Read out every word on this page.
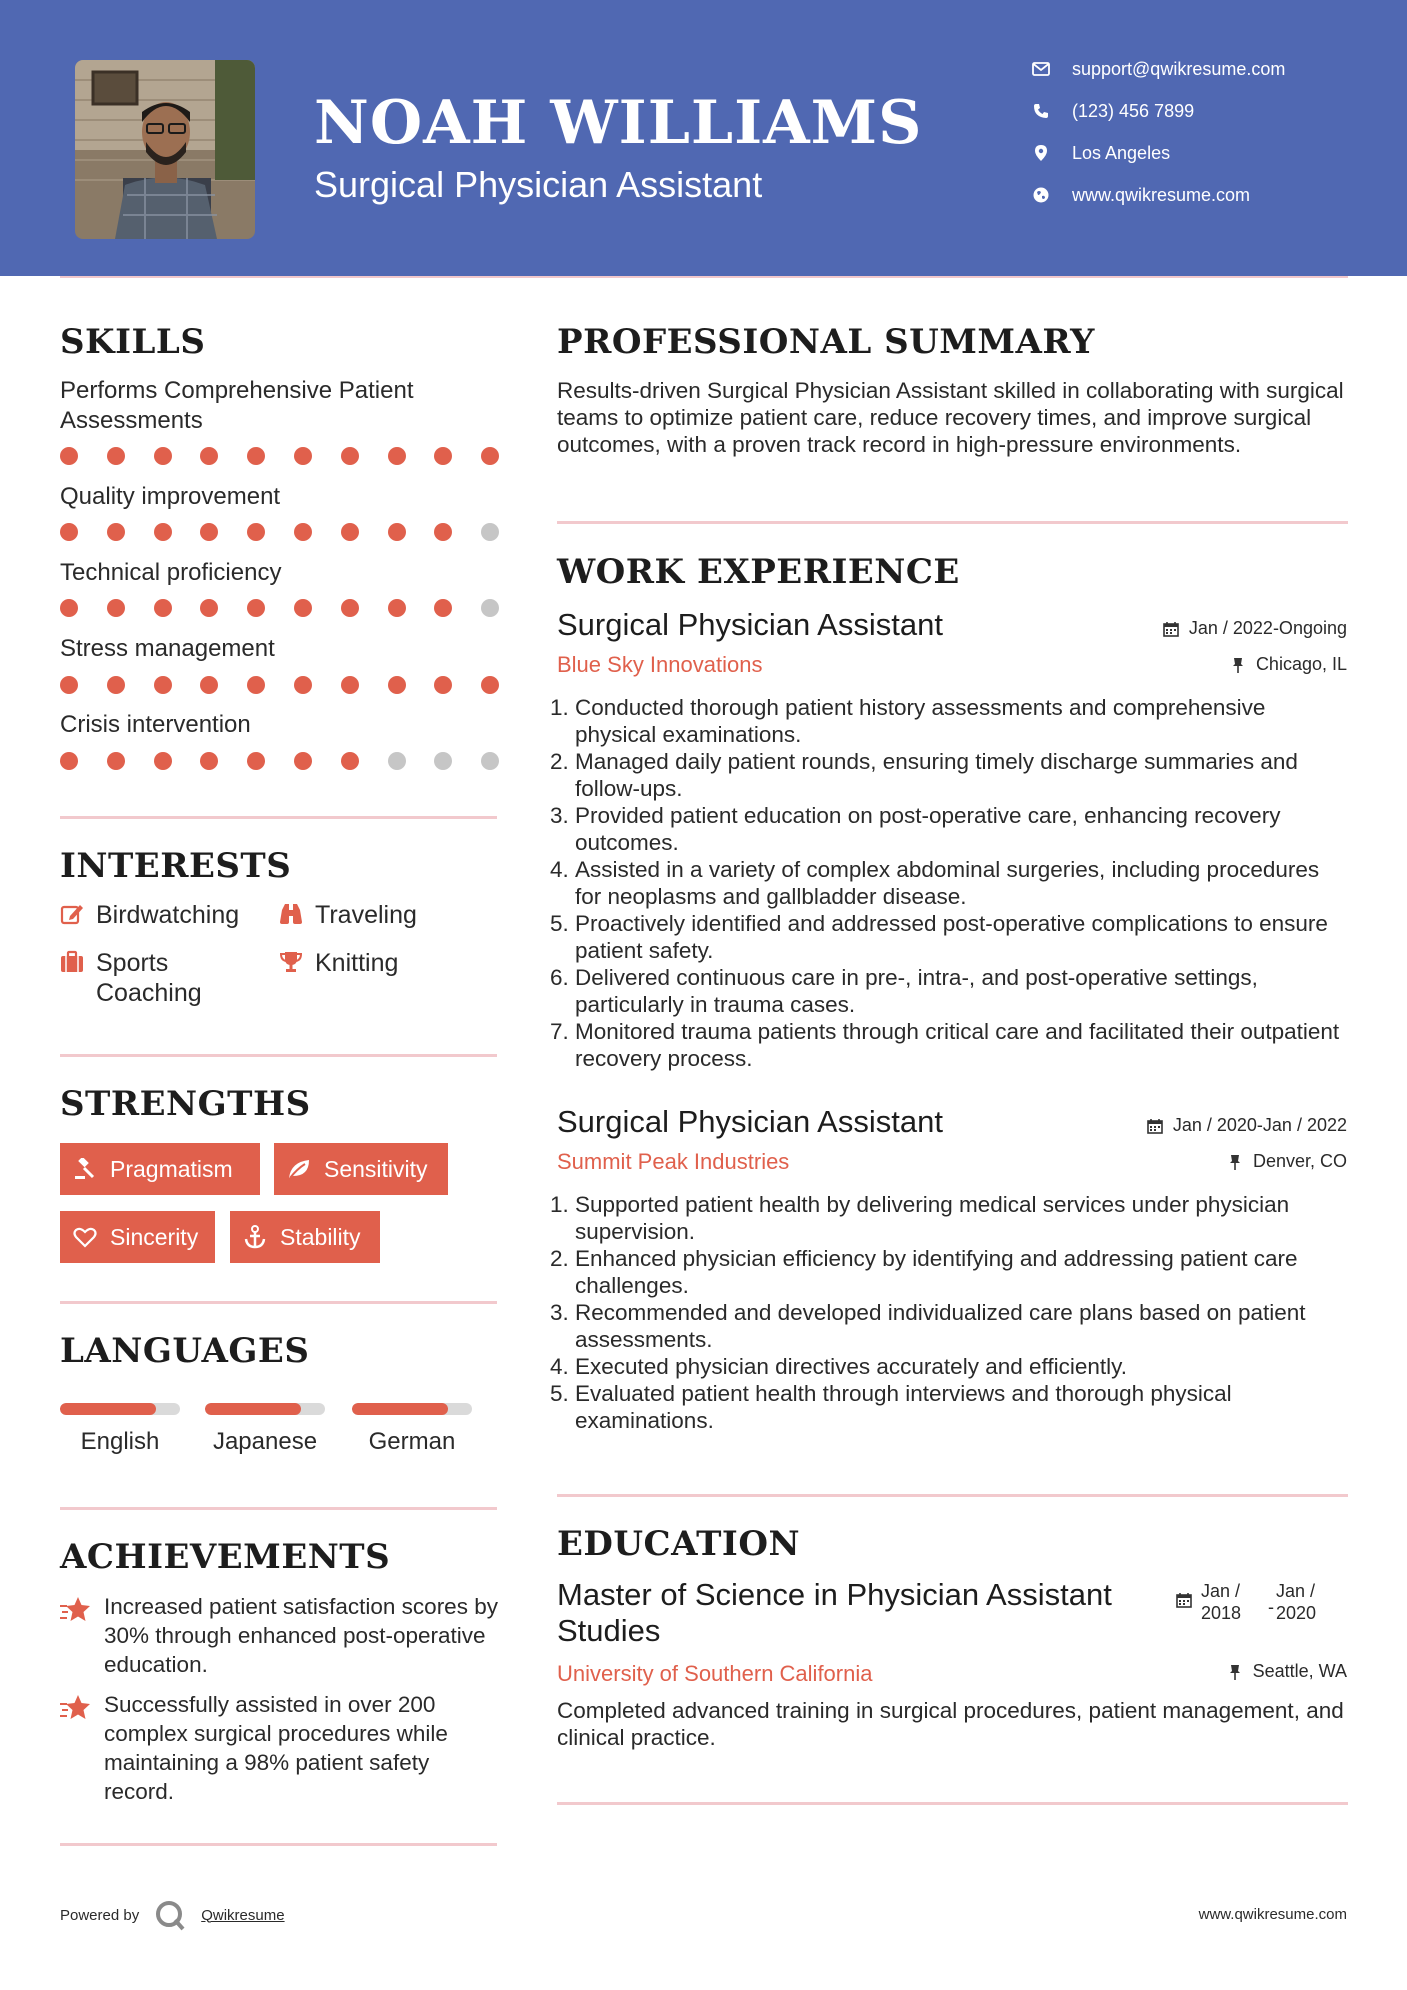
NOAH WILLIAMS
Surgical Physician Assistant
support@qwikresume.com
(123) 456 7899
Los Angeles
www.qwikresume.com
SKILLS
Performs Comprehensive Patient Assessments
Quality improvement
Technical proficiency
Stress management
Crisis intervention
INTERESTS
Birdwatching	Traveling
Sports Coaching
Knitting
STRENGTHS
Pragmatism	Sensitivity
Sincerity	Stability
LANGUAGES
English	Japanese	German
ACHIEVEMENTS
Increased patient satisfaction scores by 30% through enhanced post-operative education.
Successfully assisted in over 200 complex surgical procedures while maintaining a 98% patient safety record.
PROFESSIONAL SUMMARY
Results-driven Surgical Physician Assistant skilled in collaborating with surgical teams to optimize patient care, reduce recovery times, and improve surgical outcomes, with a proven track record in high-pressure environments.
WORK EXPERIENCE
Surgical Physician Assistant	Jan / 2022-Ongoing
Blue Sky Innovations	Chicago, IL
1. Conducted thorough patient history assessments and comprehensive physical examinations.
2. Managed daily patient rounds, ensuring timely discharge summaries and follow-ups.
3. Provided patient education on post-operative care, enhancing recovery outcomes.
4. Assisted in a variety of complex abdominal surgeries, including procedures for neoplasms and gallbladder disease.
5. Proactively identified and addressed post-operative complications to ensure patient safety.
6. Delivered continuous care in pre-, intra-, and post-operative settings, particularly in trauma cases.
7. Monitored trauma patients through critical care and facilitated their outpatient recovery process.
Surgical Physician Assistant	Jan / 2020-Jan / 2022
Summit Peak Industries	Denver, CO
1. Supported patient health by delivering medical services under physician supervision.
2. Enhanced physician efficiency by identifying and addressing patient care challenges.
3. Recommended and developed individualized care plans based on patient assessments.
4. Executed physician directives accurately and efficiently.
5. Evaluated patient health through interviews and thorough physical examinations.
EDUCATION
Master of Science in Physician Assistant Studies
Jan /
2018	-
Jan /
2020
University of Southern California	Seattle, WA
Completed advanced training in surgical procedures, patient management, and clinical practice.
Powered by	Qwikresume	www.qwikresume.com
